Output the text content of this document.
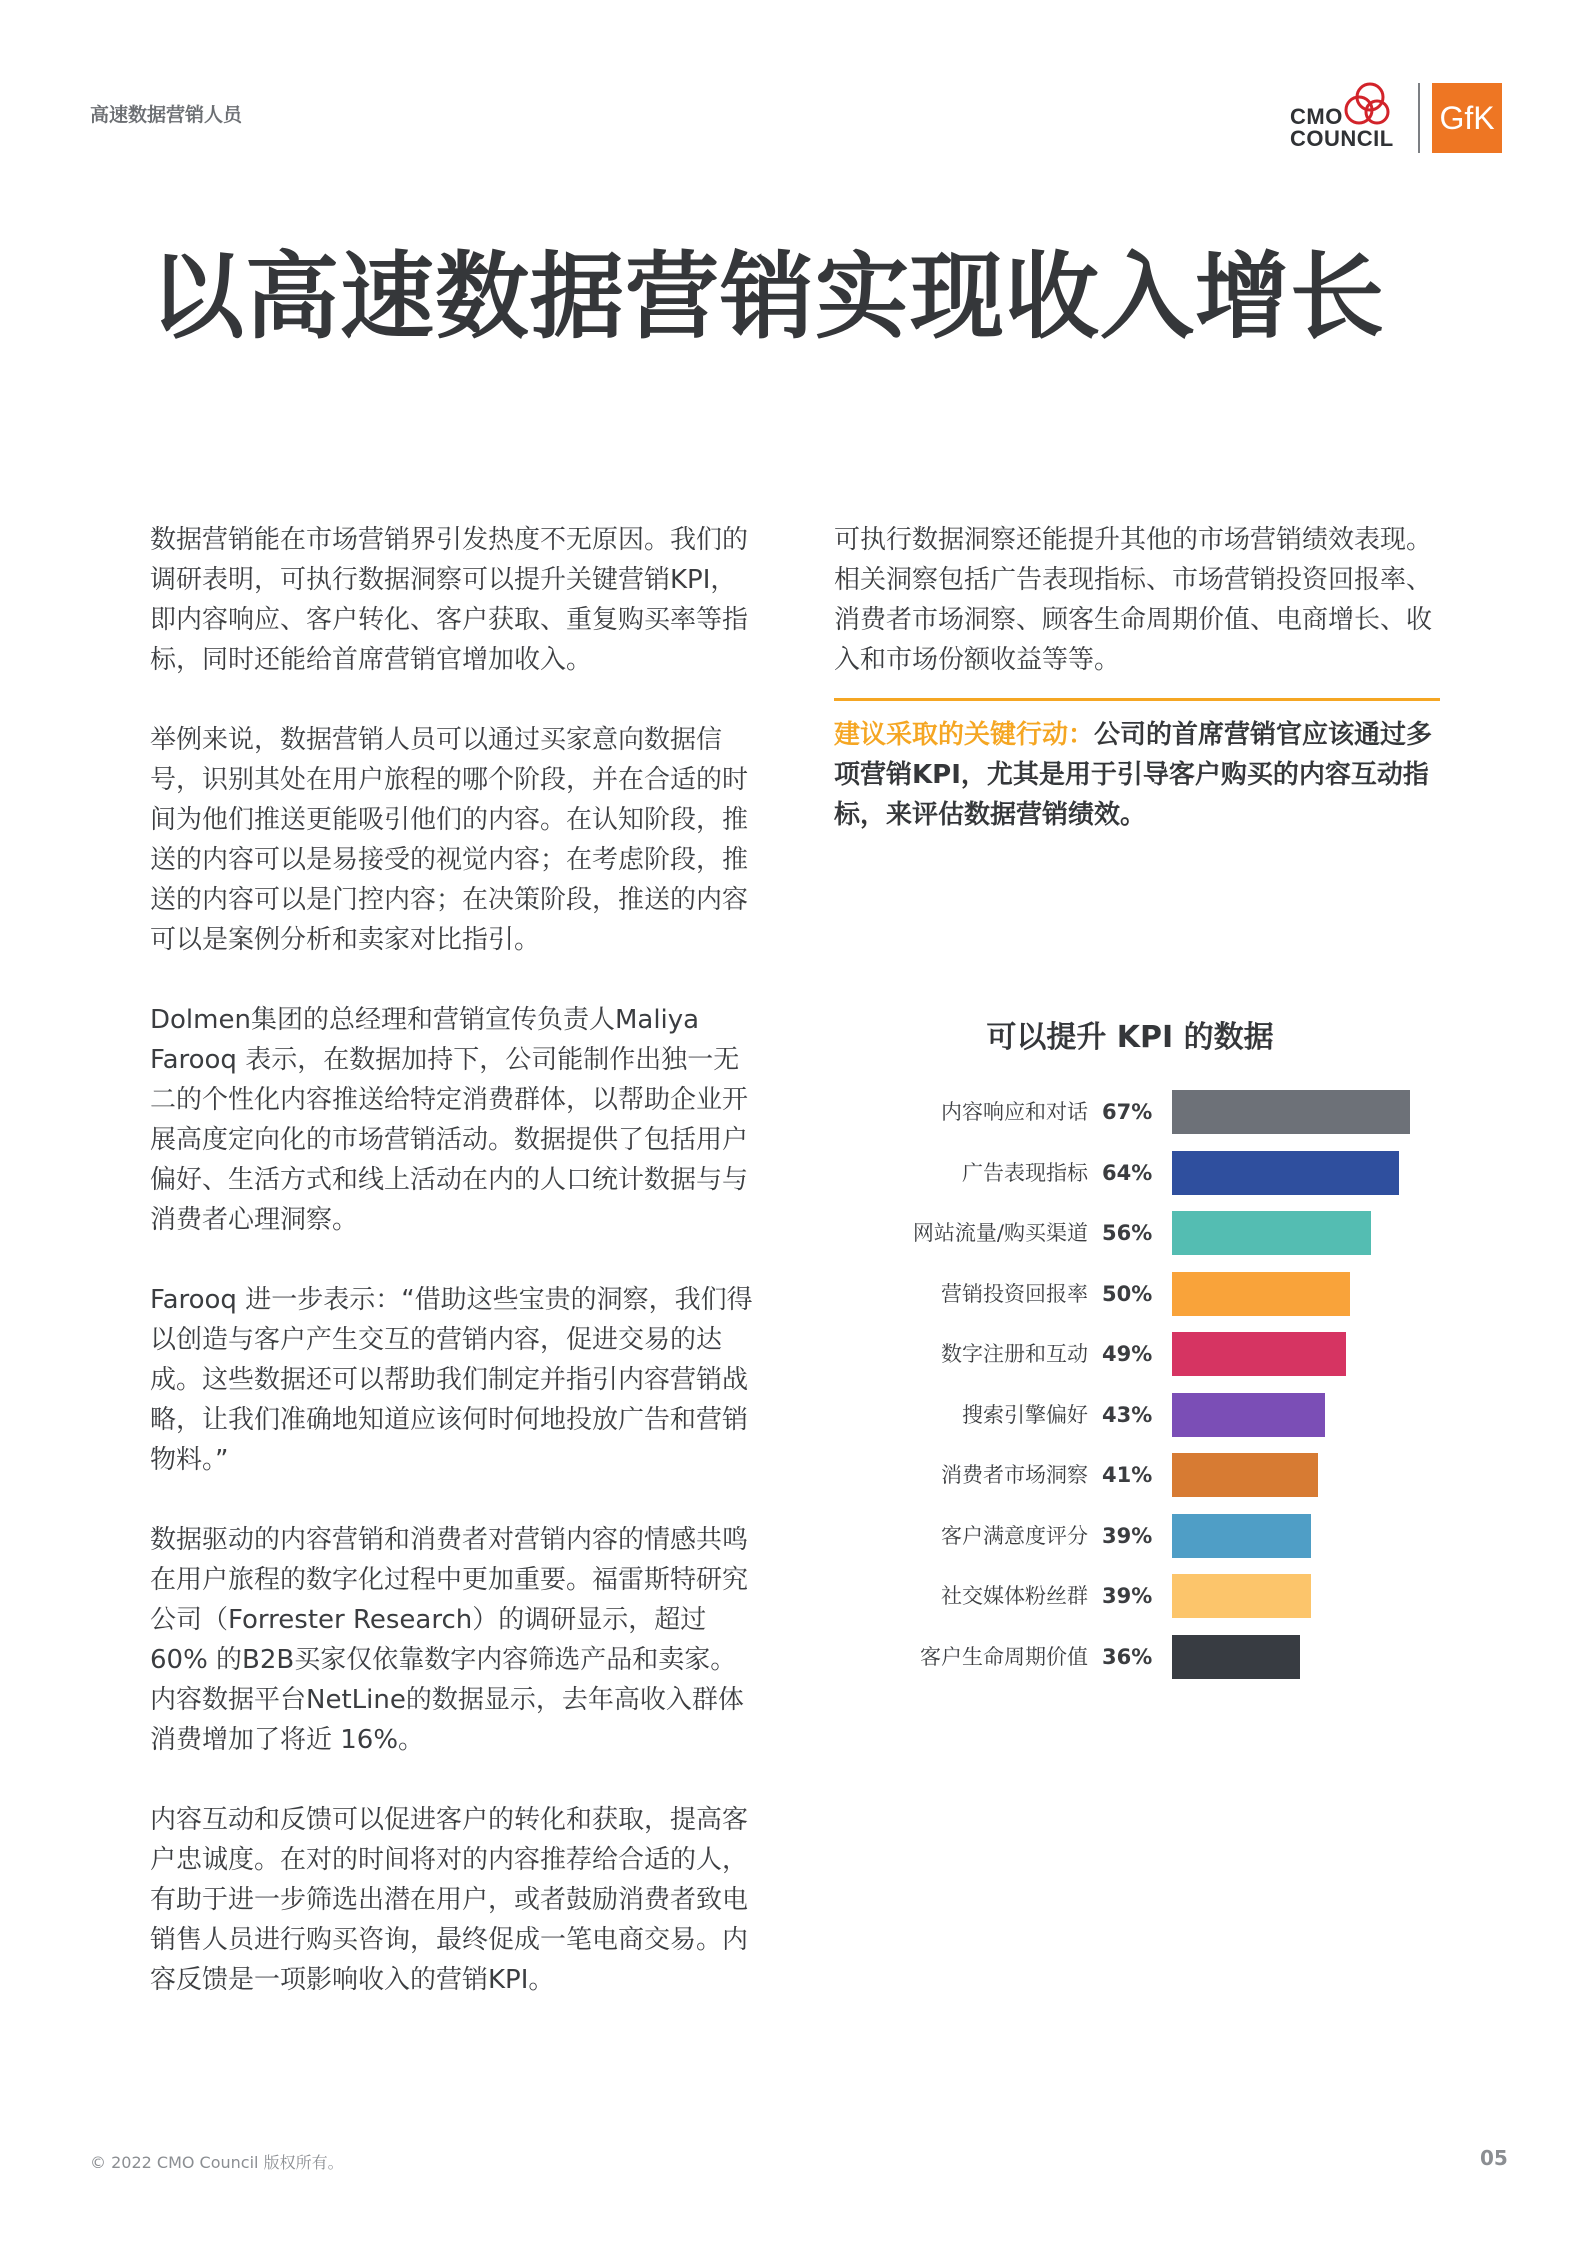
高速数据营销人员	CMO
COUNCIL
GfK
以高速数据营销实现收入增长

数据营销能在市场营销界引发热度不无原因。我们的调研表明，可执行数据洞察可以提升关键营销KPI，即内容响应、客户转化、客户获取、重复购买率等指标，同时还能给首席营销官增加收入。

举例来说，数据营销人员可以通过买家意向数据信号，识别其处在用户旅程的哪个阶段，并在合适的时间为他们推送更能吸引他们的内容。在认知阶段，推送的内容可以是易接受的视觉内容；在考虑阶段，推送的内容可以是门控内容；在决策阶段，推送的内容可以是案例分析和卖家对比指引。

Dolmen集团的总经理和营销宣传负责人Maliya Farooq 表示，在数据加持下，公司能制作出独一无二的个性化内容推送给特定消费群体，以帮助企业开展高度定向化的市场营销活动。数据提供了包括用户偏好、生活方式和线上活动在内的人口统计数据与与消费者心理洞察。

Farooq 进一步表示：“借助这些宝贵的洞察，我们得以创造与客户产生交互的营销内容，促进交易的达成。这些数据还可以帮助我们制定并指引内容营销战略，让我们准确地知道应该何时何地投放广告和营销物料。”

数据驱动的内容营销和消费者对营销内容的情感共鸣在用户旅程的数字化过程中更加重要。福雷斯特研究公司（Forrester Research）的调研显示，超过 60% 的B2B买家仅依靠数字内容筛选产品和卖家。内容数据平台NetLine的数据显示，去年高收入群体消费增加了将近 16%。

内容互动和反馈可以促进客户的转化和获取，提高客户忠诚度。在对的时间将对的内容推荐给合适的人，有助于进一步筛选出潜在用户，或者鼓励消费者致电销售人员进行购买咨询，最终促成一笔电商交易。内容反馈是一项影响收入的营销KPI。

可执行数据洞察还能提升其他的市场营销绩效表现。相关洞察包括广告表现指标、市场营销投资回报率、消费者市场洞察、顾客生命周期价值、电商增长、收入和市场份额收益等等。

建议采取的关键行动：公司的首席营销官应该通过多项营销KPI，尤其是用于引导客户购买的内容互动指标，来评估数据营销绩效。

可以提升 KPI 的数据
内容响应和对话 67%
广告表现指标 64%
网站流量/购买渠道 56%
营销投资回报率 50%
数字注册和互动 49%
搜索引擎偏好 43%
消费者市场洞察 41%
客户满意度评分 39%
社交媒体粉丝群 39%
客户生命周期价值 36%
© 2022 CMO Council 版权所有。	05
